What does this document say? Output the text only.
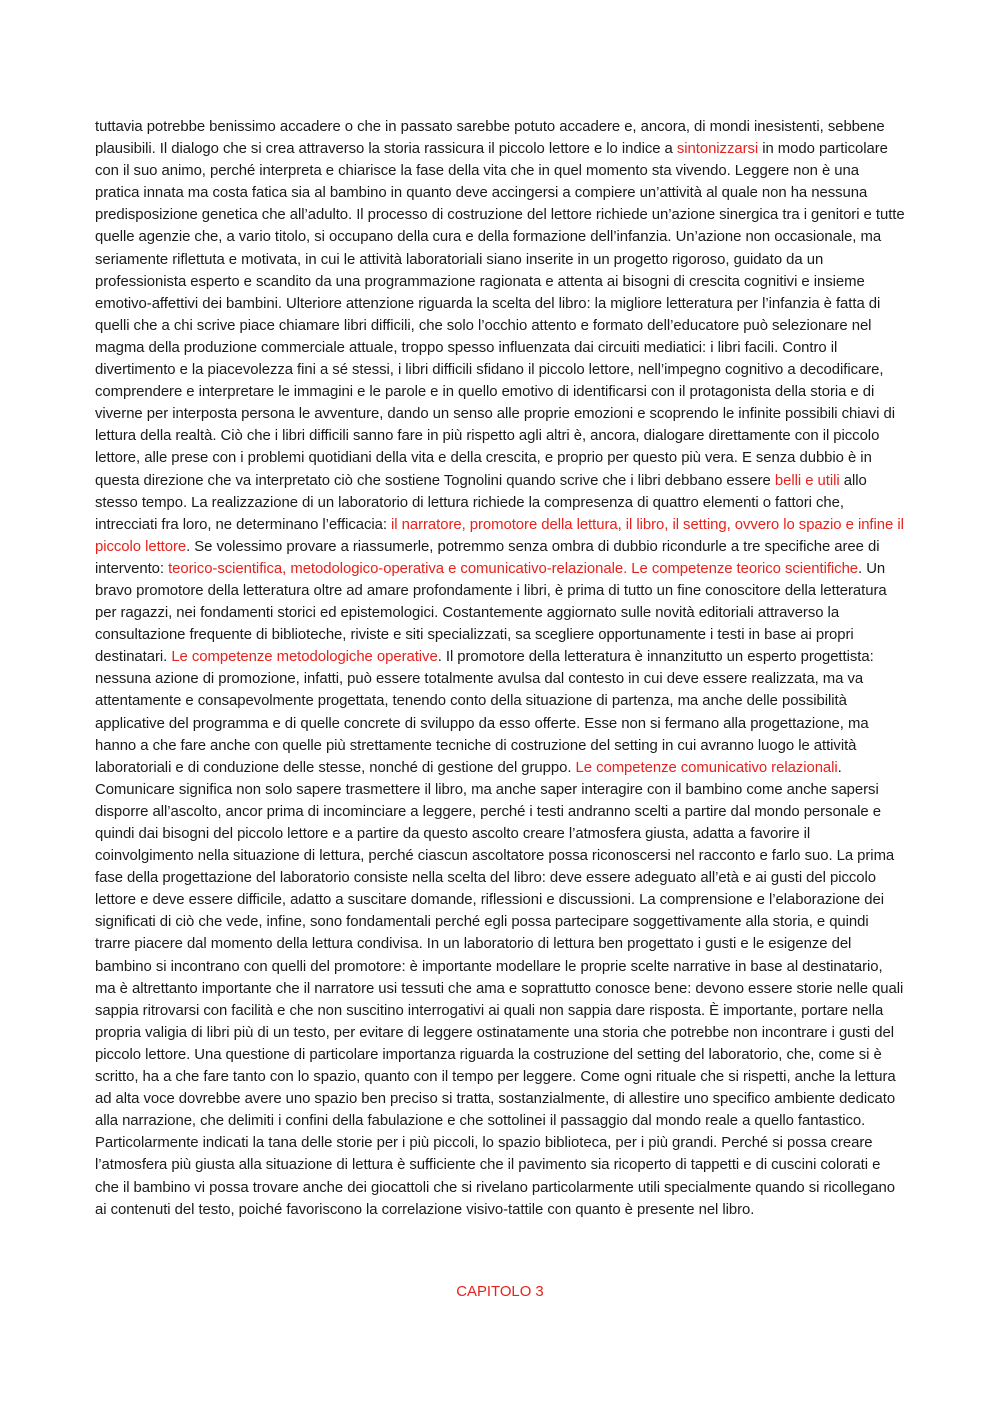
tuttavia potrebbe benissimo accadere o che in passato sarebbe potuto accadere e, ancora, di mondi inesistenti, sebbene plausibili. Il dialogo che si crea attraverso la storia rassicura il piccolo lettore e lo indice a sintonizzarsi in modo particolare con il suo animo, perché interpreta e chiarisce la fase della vita che in quel momento sta vivendo. Leggere non è una pratica innata ma costa fatica sia al bambino in quanto deve accingersi a compiere un’attività al quale non ha nessuna predisposizione genetica che all’adulto. Il processo di costruzione del lettore richiede un’azione sinergica tra i genitori e tutte quelle agenzie che, a vario titolo, si occupano della cura e della formazione dell’infanzia. Un’azione non occasionale, ma seriamente riflettuta e motivata, in cui le attività laboratoriali siano inserite in un progetto rigoroso, guidato da un professionista esperto e scandito da una programmazione ragionata e attenta ai bisogni di crescita cognitivi e insieme emotivo-affettivi dei bambini. Ulteriore attenzione riguarda la scelta del libro: la migliore letteratura per l’infanzia è fatta di quelli che a chi scrive piace chiamare libri difficili, che solo l’occhio attento e formato dell’educatore può selezionare nel magma della produzione commerciale attuale, troppo spesso influenzata dai circuiti mediatici: i libri facili. Contro il divertimento e la piacevolezza fini a sé stessi, i libri difficili sfidano il piccolo lettore, nell’impegno cognitivo a decodificare, comprendere e interpretare le immagini e le parole e in quello emotivo di identificarsi con il protagonista della storia e di viverne per interposta persona le avventure, dando un senso alle proprie emozioni e scoprendo le infinite possibili chiavi di lettura della realtà. Ciò che i libri difficili sanno fare in più rispetto agli altri è, ancora, dialogare direttamente con il piccolo lettore, alle prese con i problemi quotidiani della vita e della crescita, e proprio per questo più vera. E senza dubbio è in questa direzione che va interpretato ciò che sostiene Tognolini quando scrive che i libri debbano essere belli e utili allo stesso tempo. La realizzazione di un laboratorio di lettura richiede la compresenza di quattro elementi o fattori che, intrecciati fra loro, ne determinano l’efficacia: il narratore, promotore della lettura, il libro, il setting, ovvero lo spazio e infine il piccolo lettore. Se volessimo provare a riassumerle, potremmo senza ombra di dubbio ricondurle a tre specifiche aree di intervento: teorico-scientifica, metodologico-operativa e comunicativo-relazionale. Le competenze teorico scientifiche. Un bravo promotore della letteratura oltre ad amare profondamente i libri, è prima di tutto un fine conoscitore della letteratura per ragazzi, nei fondamenti storici ed epistemologici. Costantemente aggiornato sulle novità editoriali attraverso la consultazione frequente di biblioteche, riviste e siti specializzati, sa scegliere opportunamente i testi in base ai propri destinatari. Le competenze metodologiche operative. Il promotore della letteratura è innanzitutto un esperto progettista: nessuna azione di promozione, infatti, può essere totalmente avulsa dal contesto in cui deve essere realizzata, ma va attentamente e consapevolmente progettata, tenendo conto della situazione di partenza, ma anche delle possibilità applicative del programma e di quelle concrete di sviluppo da esso offerte. Esse non si fermano alla progettazione, ma hanno a che fare anche con quelle più strettamente tecniche di costruzione del setting in cui avranno luogo le attività laboratoriali e di conduzione delle stesse, nonché di gestione del gruppo. Le competenze comunicativo relazionali. Comunicare significa non solo sapere trasmettere il libro, ma anche saper interagire con il bambino come anche sapersi disporre all’ascolto, ancor prima di incominciare a leggere, perché i testi andranno scelti a partire dal mondo personale e quindi dai bisogni del piccolo lettore e a partire da questo ascolto creare l’atmosfera giusta, adatta a favorire il coinvolgimento nella situazione di lettura, perché ciascun ascoltatore possa riconoscersi nel racconto e farlo suo. La prima fase della progettazione del laboratorio consiste nella scelta del libro: deve essere adeguato all’età e ai gusti del piccolo lettore e deve essere difficile, adatto a suscitare domande, riflessioni e discussioni. La comprensione e l’elaborazione dei significati di ciò che vede, infine, sono fondamentali perché egli possa partecipare soggettivamente alla storia, e quindi trarre piacere dal momento della lettura condivisa. In un laboratorio di lettura ben progettato i gusti e le esigenze del bambino si incontrano con quelli del promotore: è importante modellare le proprie scelte narrative in base al destinatario, ma è altrettanto importante che il narratore usi tessuti che ama e soprattutto conosce bene: devono essere storie nelle quali sappia ritrovarsi con facilità e che non suscitino interrogativi ai quali non sappia dare risposta. È importante, portare nella propria valigia di libri più di un testo, per evitare di leggere ostinatamente una storia che potrebbe non incontrare i gusti del piccolo lettore. Una questione di particolare importanza riguarda la costruzione del setting del laboratorio, che, come si è scritto, ha a che fare tanto con lo spazio, quanto con il tempo per leggere. Come ogni rituale che si rispetti, anche la lettura ad alta voce dovrebbe avere uno spazio ben preciso si tratta, sostanzialmente, di allestire uno specifico ambiente dedicato alla narrazione, che delimiti i confini della fabulazione e che sottolinei il passaggio dal mondo reale a quello fantastico. Particolarmente indicati la tana delle storie per i più piccoli, lo spazio biblioteca, per i più grandi. Perché si possa creare l’atmosfera più giusta alla situazione di lettura è sufficiente che il pavimento sia ricoperto di tappetti e di cuscini colorati e che il bambino vi possa trovare anche dei giocattoli che si rivelano particolarmente utili specialmente quando si ricollegano ai contenuti del testo, poiché favoriscono la correlazione visivo-tattile con quanto è presente nel libro.

CAPITOLO 3
